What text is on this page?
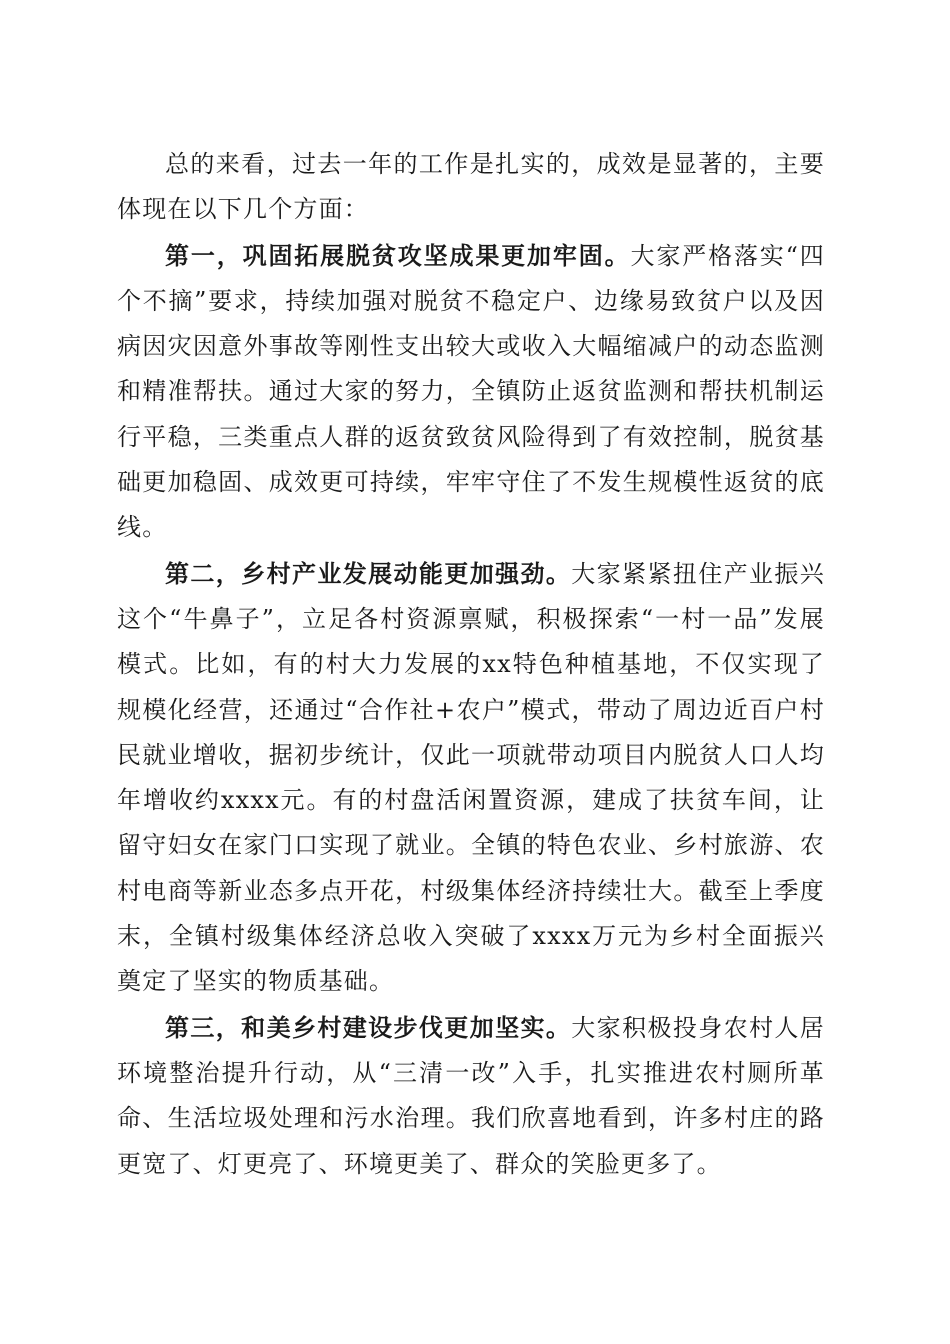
总的来看，过去一年的工作是扎实的，成效是显著的，主要体现在以下几个方面：

第一，巩固拓展脱贫攻坚成果更加牢固。大家严格落实“四个不摘”要求，持续加强对脱贫不稳定户、边缘易致贫户以及因病因灾因意外事故等刚性支出较大或收入大幅缩减户的动态监测和精准帮扶。通过大家的努力，全镇防止返贫监测和帮扶机制运行平稳，三类重点人群的返贫致贫风险得到了有效控制，脱贫基础更加稳固、成效更可持续，牢牢守住了不发生规模性返贫的底线。

第二，乡村产业发展动能更加强劲。大家紧紧扭住产业振兴这个“牛鼻子”，立足各村资源禀赋，积极探索“一村一品”发展模式。比如，有的村大力发展的xx特色种植基地，不仅实现了规模化经营，还通过“合作社+农户”模式，带动了周边近百户村民就业增收，据初步统计，仅此一项就带动项目内脱贫人口人均年增收约xxxx元。有的村盘活闲置资源，建成了扶贫车间，让留守妇女在家门口实现了就业。全镇的特色农业、乡村旅游、农村电商等新业态多点开花，村级集体经济持续壮大。截至上季度末，全镇村级集体经济总收入突破了xxxx万元为乡村全面振兴奠定了坚实的物质基础。

第三，和美乡村建设步伐更加坚实。大家积极投身农村人居环境整治提升行动，从“三清一改”入手，扎实推进农村厕所革命、生活垃圾处理和污水治理。我们欣喜地看到，许多村庄的路更宽了、灯更亮了、环境更美了、群众的笑脸更多了。
